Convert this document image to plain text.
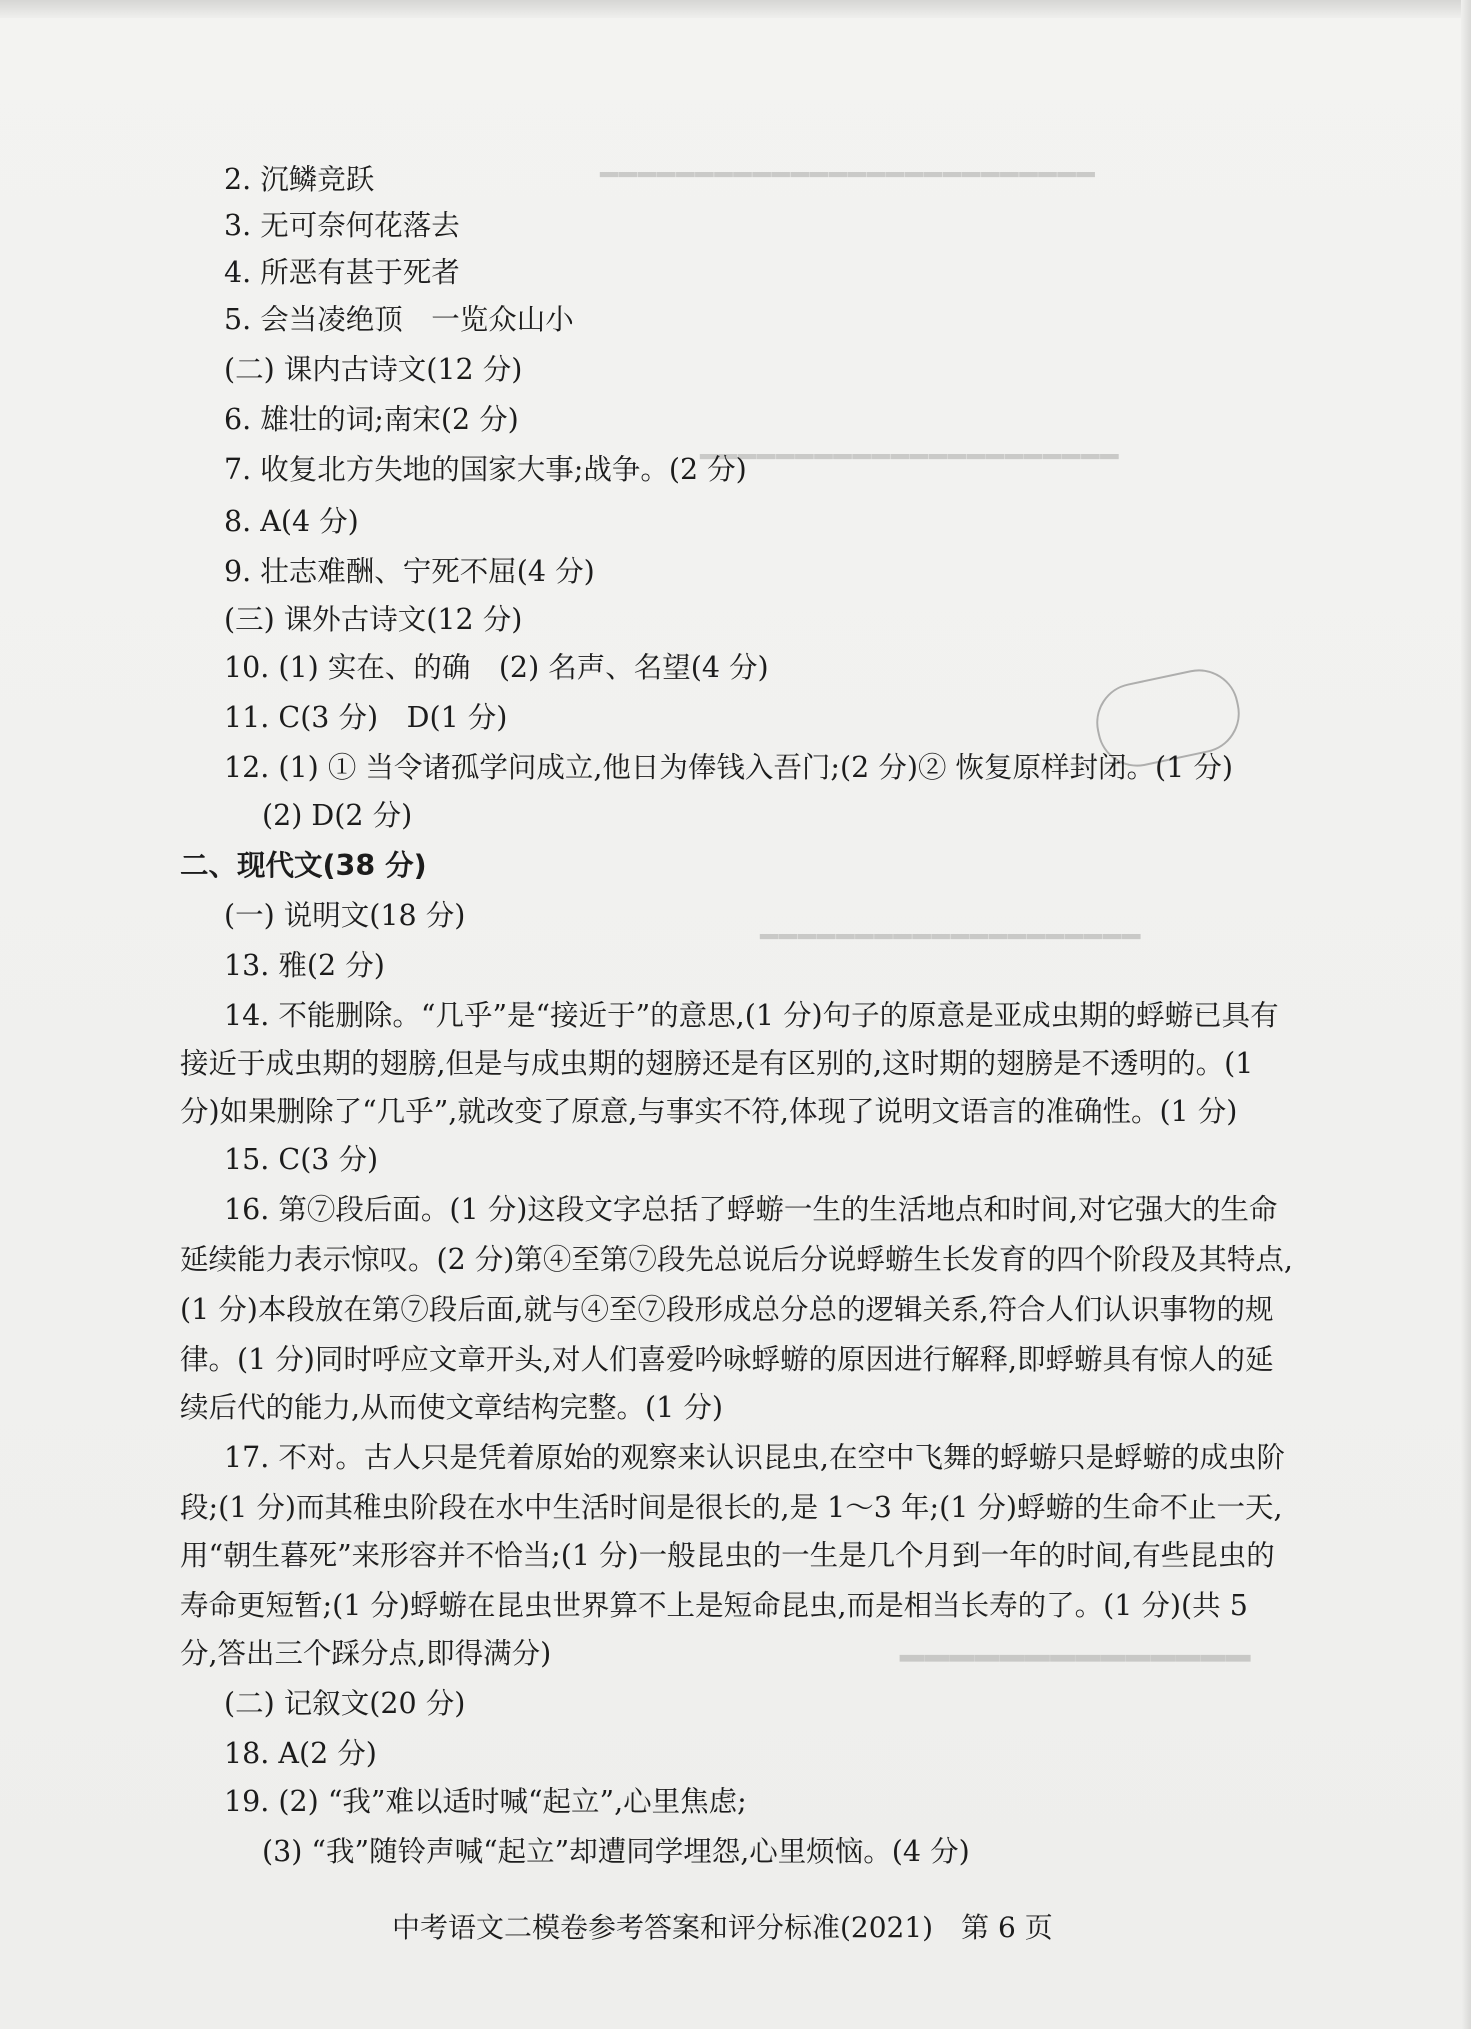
━━━━━━━━━━━━━━━━━━━━━━━━━━
━━━━━━━━━━━━━━━━━━━━━━
━━━━━━━━━━━━━━━━━━━━
━━━━━━━━━━━━━━
2. 沉鳞竞跃
3. 无可奈何花落去
4. 所恶有甚于死者
5. 会当凌绝顶　一览众山小
(二) 课内古诗文(12 分)
6. 雄壮的词;南宋(2 分)
7. 收复北方失地的国家大事;战争。(2 分)
8. A(4 分)
9. 壮志难酬、宁死不屈(4 分)
(三) 课外古诗文(12 分)
10. (1) 实在、的确　(2) 名声、名望(4 分)
11. C(3 分)　D(1 分)
12. (1) ① 当令诸孤学问成立,他日为俸钱入吾门;(2 分)② 恢复原样封闭。(1 分)
(2) D(2 分)
二、现代文(38 分)
(一) 说明文(18 分)
13. 雅(2 分)
14. 不能删除。“几乎”是“接近于”的意思,(1 分)句子的原意是亚成虫期的蜉蝣已具有
接近于成虫期的翅膀,但是与成虫期的翅膀还是有区别的,这时期的翅膀是不透明的。(1
分)如果删除了“几乎”,就改变了原意,与事实不符,体现了说明文语言的准确性。(1 分)
15. C(3 分)
16. 第⑦段后面。(1 分)这段文字总括了蜉蝣一生的生活地点和时间,对它强大的生命
延续能力表示惊叹。(2 分)第④至第⑦段先总说后分说蜉蝣生长发育的四个阶段及其特点,
(1 分)本段放在第⑦段后面,就与④至⑦段形成总分总的逻辑关系,符合人们认识事物的规
律。(1 分)同时呼应文章开头,对人们喜爱吟咏蜉蝣的原因进行解释,即蜉蝣具有惊人的延
续后代的能力,从而使文章结构完整。(1 分)
17. 不对。古人只是凭着原始的观察来认识昆虫,在空中飞舞的蜉蝣只是蜉蝣的成虫阶
段;(1 分)而其稚虫阶段在水中生活时间是很长的,是 1～3 年;(1 分)蜉蝣的生命不止一天,
用“朝生暮死”来形容并不恰当;(1 分)一般昆虫的一生是几个月到一年的时间,有些昆虫的
寿命更短暂;(1 分)蜉蝣在昆虫世界算不上是短命昆虫,而是相当长寿的了。(1 分)(共 5
分,答出三个踩分点,即得满分)
(二) 记叙文(20 分)
18. A(2 分)
19. (2) “我”难以适时喊“起立”,心里焦虑;
(3) “我”随铃声喊“起立”却遭同学埋怨,心里烦恼。(4 分)
中考语文二模卷参考答案和评分标准(2021)　第 6 页
